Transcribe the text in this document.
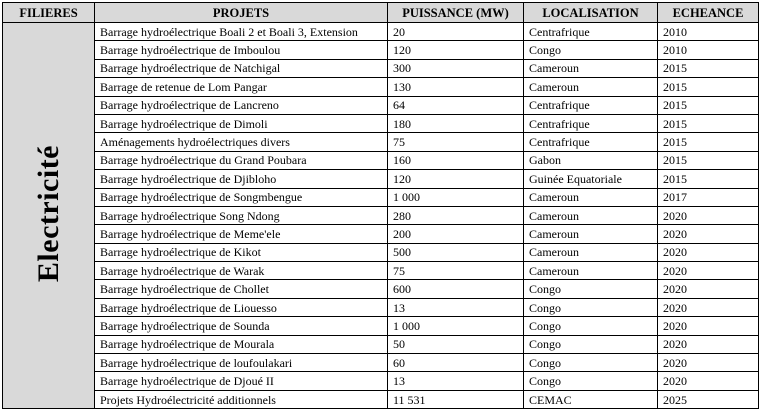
FILIERES	PROJETS	PUISSANCE (MW)	LOCALISATION	ECHEANCE
Electricité	Barrage hydroélectrique Boali 2 et Boali 3, Extension	20	Centrafrique	2010
	Barrage hydroélectrique de Imboulou	120	Congo	2010
	Barrage hydroélectrique de Natchigal	300	Cameroun	2015
	Barrage de retenue de Lom Pangar	130	Cameroun	2015
	Barrage hydroélectrique de Lancreno	64	Centrafrique	2015
	Barrage hydroélectrique de Dimoli	180	Centrafrique	2015
	Aménagements hydroélectriques divers	75	Centrafrique	2015
	Barrage hydroélectrique du Grand Poubara	160	Gabon	2015
	Barrage hydroélectrique de Djibloho	120	Guinée Equatoriale	2015
	Barrage hydroélectrique de Songmbengue	1 000	Cameroun	2017
	Barrage hydroélectrique Song Ndong	280	Cameroun	2020
	Barrage hydroélectrique de Meme'ele	200	Cameroun	2020
	Barrage hydroélectrique de Kikot	500	Cameroun	2020
	Barrage hydroélectrique de Warak	75	Cameroun	2020
	Barrage hydroélectrique de Chollet	600	Congo	2020
	Barrage hydroélectrique de Liouesso	13	Congo	2020
	Barrage hydroélectrique de Sounda	1 000	Congo	2020
	Barrage hydroélectrique de Mourala	50	Congo	2020
	Barrage hydroélectrique de loufoulakari	60	Congo	2020
	Barrage hydroélectrique de Djoué II	13	Congo	2020
	Projets Hydroélectricité additionnels	11 531	CEMAC	2025
